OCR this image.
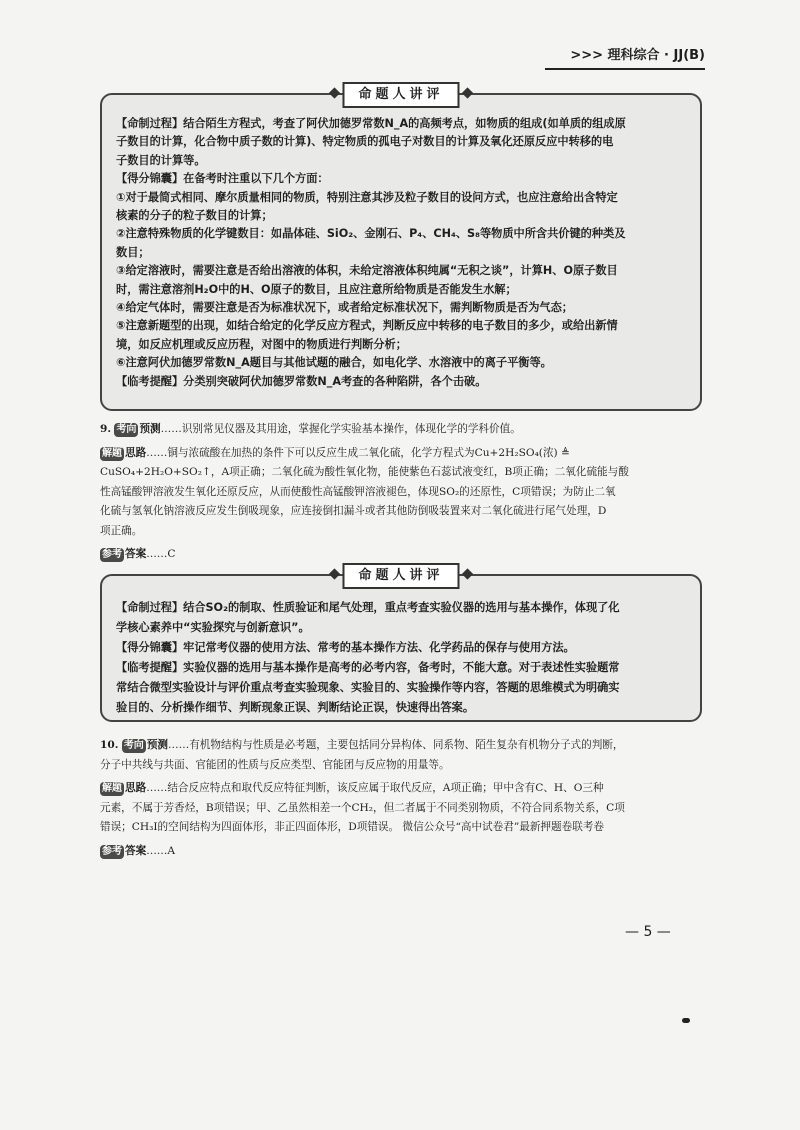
>>> 理科综合 · JJ(B)
命题人讲评

【命制过程】结合陌生方程式，考查了阿伏加德罗常数N_A的高频考点，如物质的组成(如单质的组成原

子数目的计算，化合物中质子数的计算)、特定物质的孤电子对数目的计算及氧化还原反应中转移的电

子数目的计算等。

【得分锦囊】在备考时注重以下几个方面：

①对于最简式相同、摩尔质量相同的物质，特别注意其涉及粒子数目的设问方式，也应注意给出含特定

核素的分子的粒子数目的计算；

②注意特殊物质的化学键数目：如晶体硅、SiO₂、金刚石、P₄、CH₄、S₈等物质中所含共价键的种类及

数目；

③给定溶液时，需要注意是否给出溶液的体积，未给定溶液体积纯属“无积之谈”，计算H、O原子数目

时，需注意溶剂H₂O中的H、O原子的数目，且应注意所给物质是否能发生水解；

④给定气体时，需要注意是否为标准状况下，或者给定标准状况下，需判断物质是否为气态；

⑤注意新题型的出现，如结合给定的化学反应方程式，判断反应中转移的电子数目的多少，或给出新情

境，如反应机理或反应历程，对图中的物质进行判断分析；

⑥注意阿伏加德罗常数N_A题目与其他试题的融合，如电化学、水溶液中的离子平衡等。

【临考提醒】分类别突破阿伏加德罗常数N_A考查的各种陷阱，各个击破。

9. 考向 预测……识别常见仪器及其用途，掌握化学实验基本操作，体现化学的学科价值。

解题 思路……铜与浓硫酸在加热的条件下可以反应生成二氧化硫，化学方程式为Cu+2H₂SO₄(浓) ≜

CuSO₄+2H₂O+SO₂↑，A项正确；二氧化硫为酸性氧化物，能使紫色石蕊试液变红，B项正确；二氧化硫能与酸

性高锰酸钾溶液发生氧化还原反应，从而使酸性高锰酸钾溶液褪色，体现SO₂的还原性，C项错误；为防止二氧

化硫与氢氧化钠溶液反应发生倒吸现象，应连接倒扣漏斗或者其他防倒吸装置来对二氧化硫进行尾气处理，D

项正确。

参考 答案……C

命题人讲评

【命制过程】结合SO₂的制取、性质验证和尾气处理，重点考查实验仪器的选用与基本操作，体现了化

学核心素养中“实验探究与创新意识”。

【得分锦囊】牢记常考仪器的使用方法、常考的基本操作方法、化学药品的保存与使用方法。

【临考提醒】实验仪器的选用与基本操作是高考的必考内容，备考时，不能大意。对于表述性实验题常

常结合微型实验设计与评价重点考查实验现象、实验目的、实验操作等内容，答题的思维模式为明确实

验目的、分析操作细节、判断现象正误、判断结论正误，快速得出答案。

10. 考向 预测……有机物结构与性质是必考题，主要包括同分异构体、同系物、陌生复杂有机物分子式的判断，

分子中共线与共面、官能团的性质与反应类型、官能团与反应物的用量等。

解题 思路……结合反应特点和取代反应特征判断，该反应属于取代反应，A项正确；甲中含有C、H、O三种

元素，不属于芳香烃，B项错误；甲、乙虽然相差一个CH₂，但二者属于不同类别物质，不符合同系物关系，C项

错误；CH₃I的空间结构为四面体形，非正四面体形，D项错误。 微信公众号“高中试卷君”最新押题卷联考卷

参考 答案……A

— 5 —
